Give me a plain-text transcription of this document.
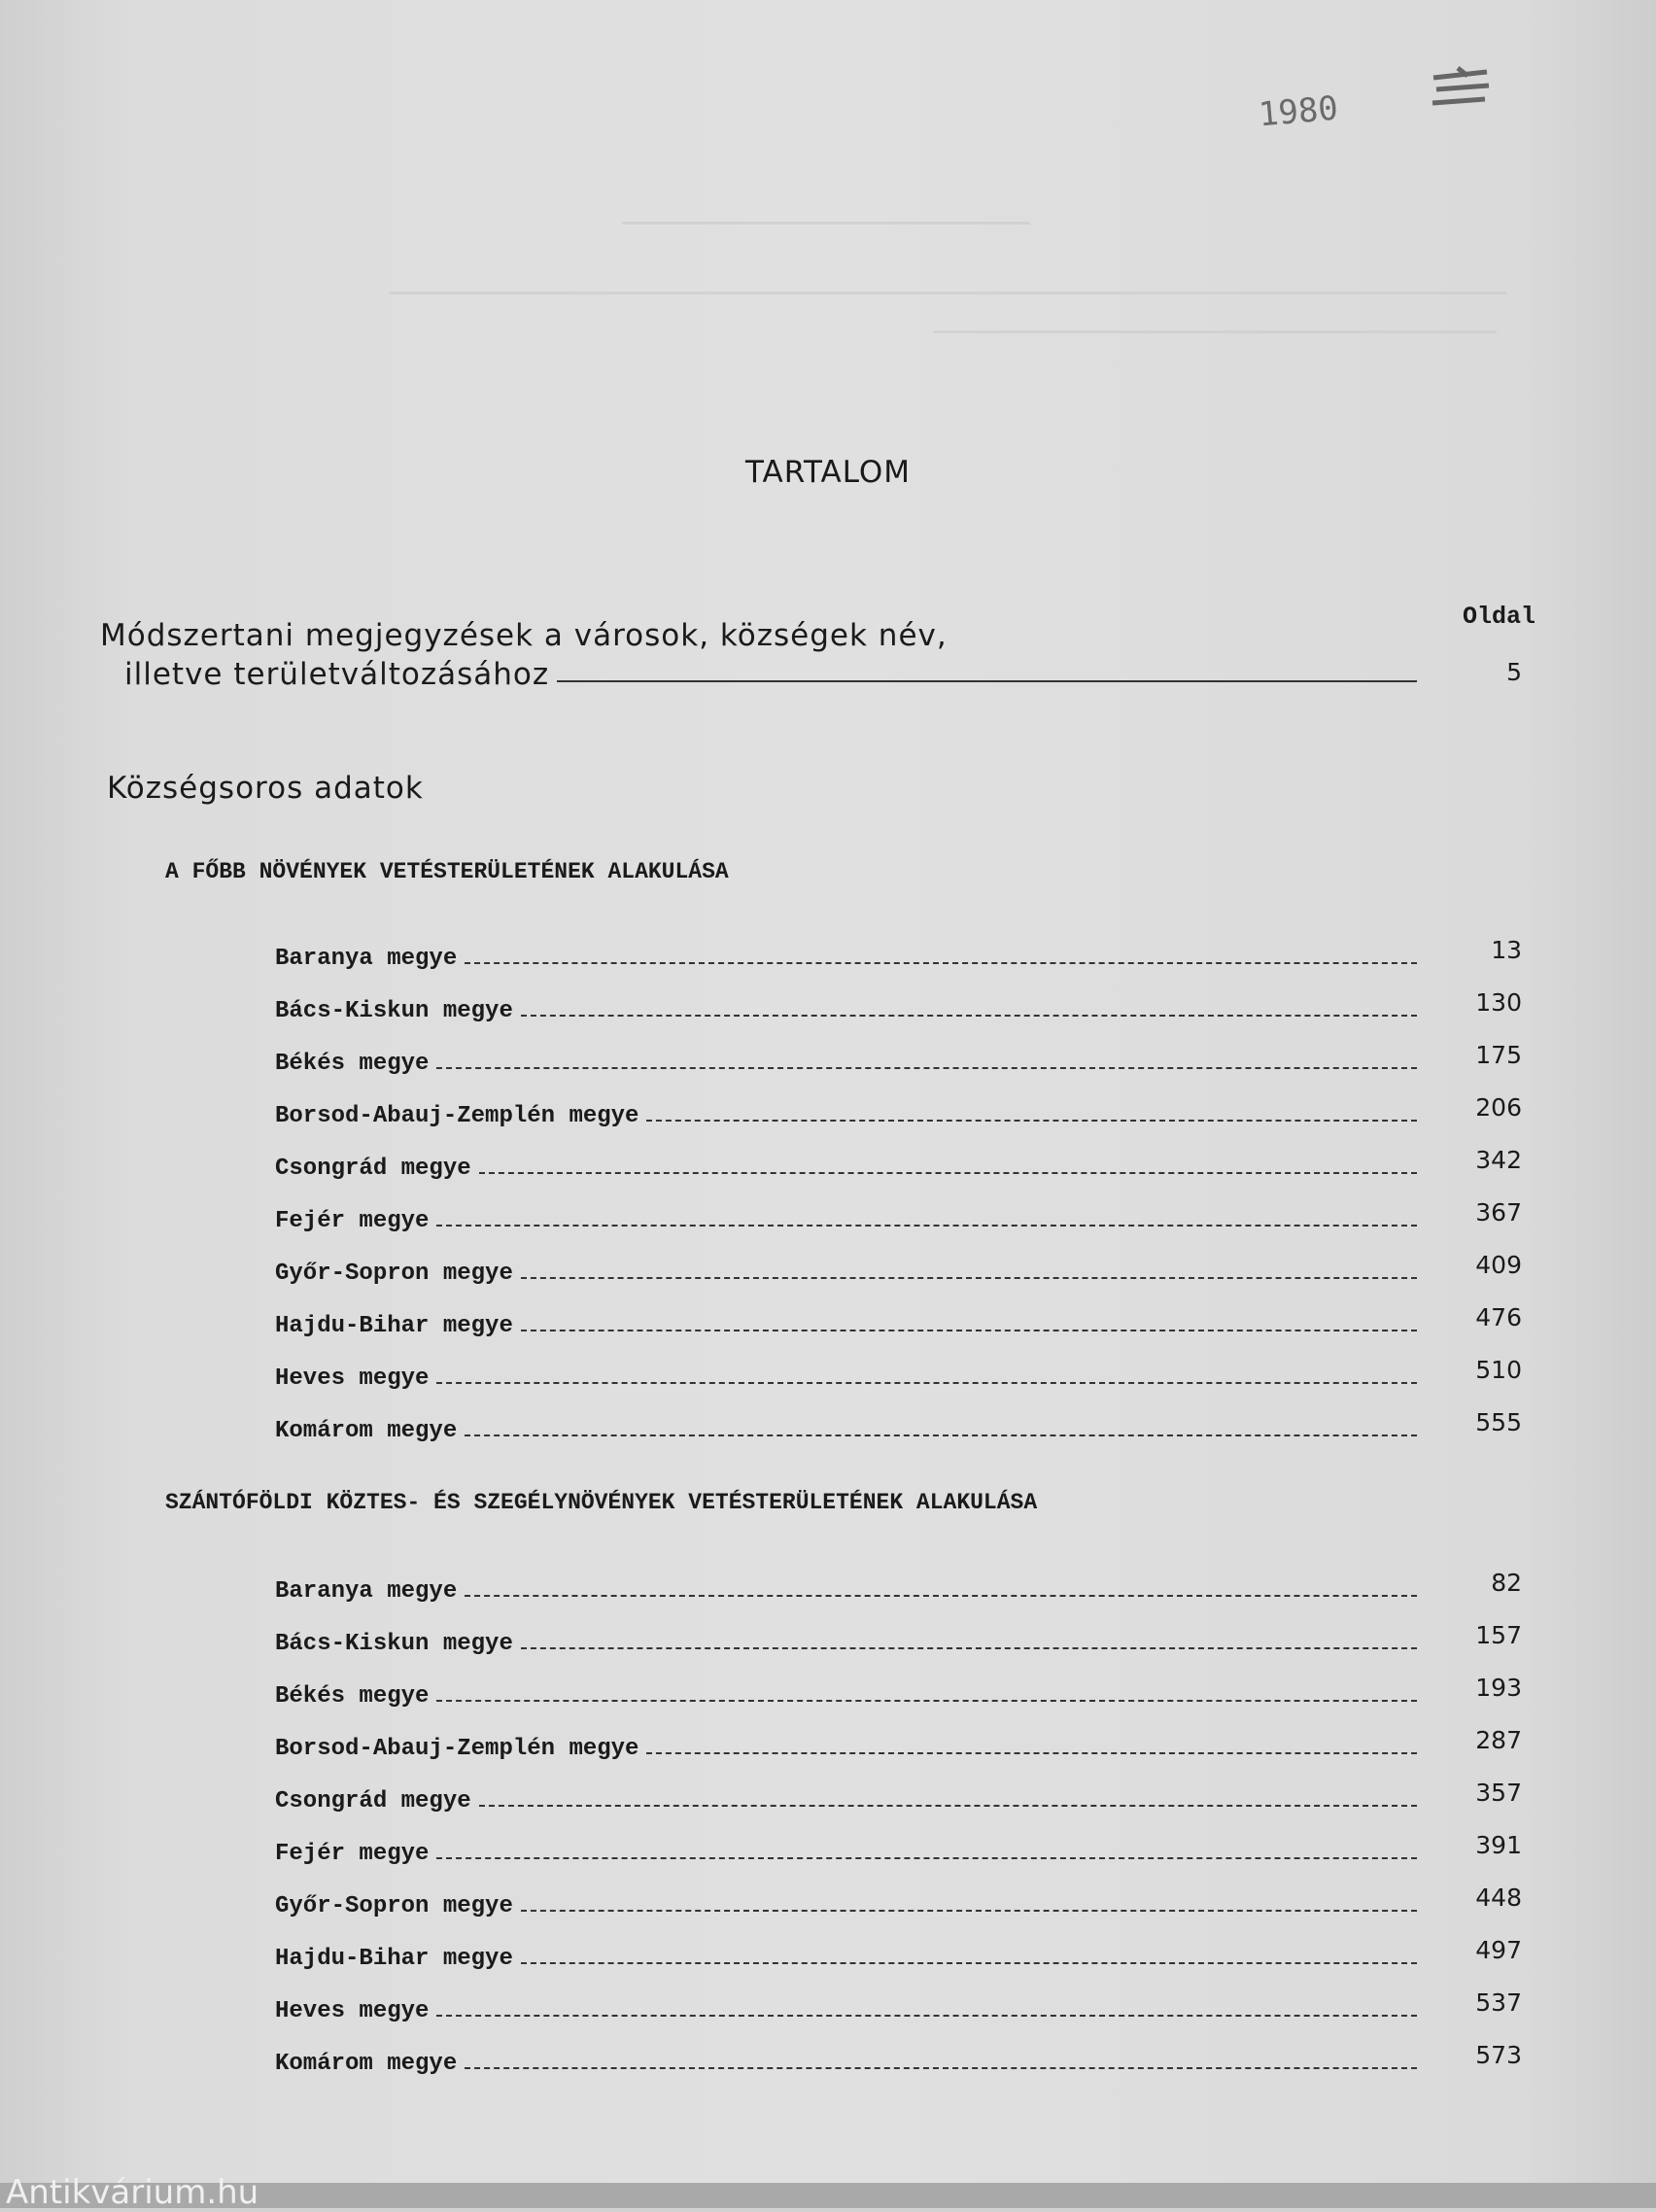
1980
TARTALOM
Oldal
Módszertani megjegyzések a városok, községek név,
illetve területváltozásához	5
Községsoros adatok
A FŐBB NÖVÉNYEK VETÉSTERÜLETÉNEK ALAKULÁSA
Baranya megye	13
Bács-Kiskun megye	130
Békés megye	175
Borsod-Abauj-Zemplén megye	206
Csongrád megye	342
Fejér megye	367
Győr-Sopron megye	409
Hajdu-Bihar megye	476
Heves megye	510
Komárom megye	555
SZÁNTÓFÖLDI KÖZTES- ÉS SZEGÉLYNÖVÉNYEK VETÉSTERÜLETÉNEK ALAKULÁSA
Baranya megye	82
Bács-Kiskun megye	157
Békés megye	193
Borsod-Abauj-Zemplén megye	287
Csongrád megye	357
Fejér megye	391
Győr-Sopron megye	448
Hajdu-Bihar megye	497
Heves megye	537
Komárom megye	573
Antikvárium.hu
